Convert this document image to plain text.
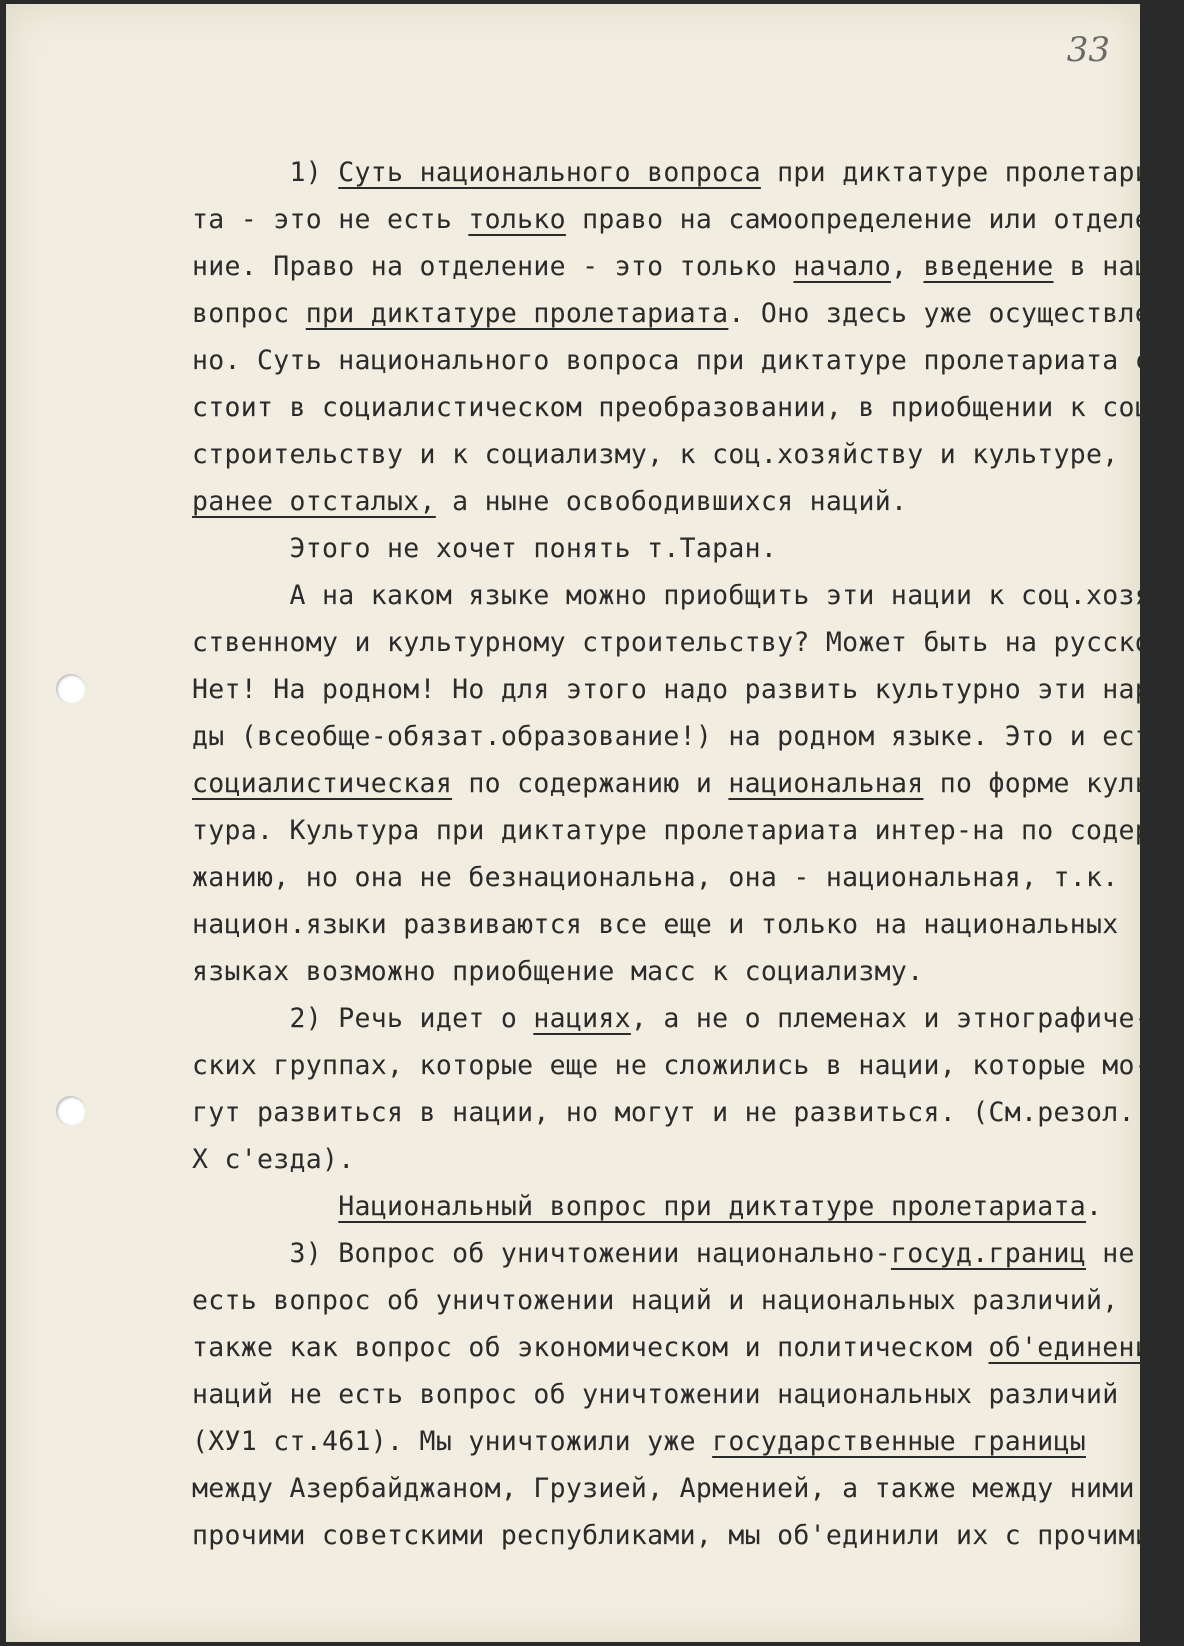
33
1) Суть национального вопроса при диктатуре пролетариа-
та - это не есть только право на самоопределение или отделе-
ние. Право на отделение - это только начало, введение в нац.
вопрос при диктатуре пролетариата. Оно здесь уже осуществле-
но. Суть национального вопроса при диктатуре пролетариата со-
стоит в социалистическом преобразовании, в приобщении к соц.
строительству и к социализму, к соц.хозяйству и культуре,
ранее отсталых, а ныне освободившихся наций.
Этого не хочет понять т.Таран.
А на каком языке можно приобщить эти нации к соц.хозяй-
ственному и культурному строительству? Может быть на русском?
Нет! На родном! Но для этого надо развить культурно эти наро-
ды (всеобще-обязат.образование!) на родном языке. Это и есть
социалистическая по содержанию и национальная по форме куль-
тура. Культура при диктатуре пролетариата интер-на по содер-
жанию, но она не безнациональна, она - национальная, т.к.
национ.языки развиваются все еще и только на национальных
языках возможно приобщение масс к социализму.
2) Речь идет о нациях, а не о племенах и этнографиче-
ских группах, которые еще не сложились в нации, которые мо-
гут развиться в нации, но могут и не развиться. (См.резол.
Х с'езда).
Национальный вопрос при диктатуре пролетариата.
3) Вопрос об уничтожении национально-госуд.границ не
есть вопрос об уничтожении наций и национальных различий,
также как вопрос об экономическом и политическом об'единении
наций не есть вопрос об уничтожении национальных различий
(ХУ1 ст.461). Мы уничтожили уже государственные границы
между Азербайджаном, Грузией, Арменией, а также между ними и
прочими советскими республиками, мы об'единили их с прочими
